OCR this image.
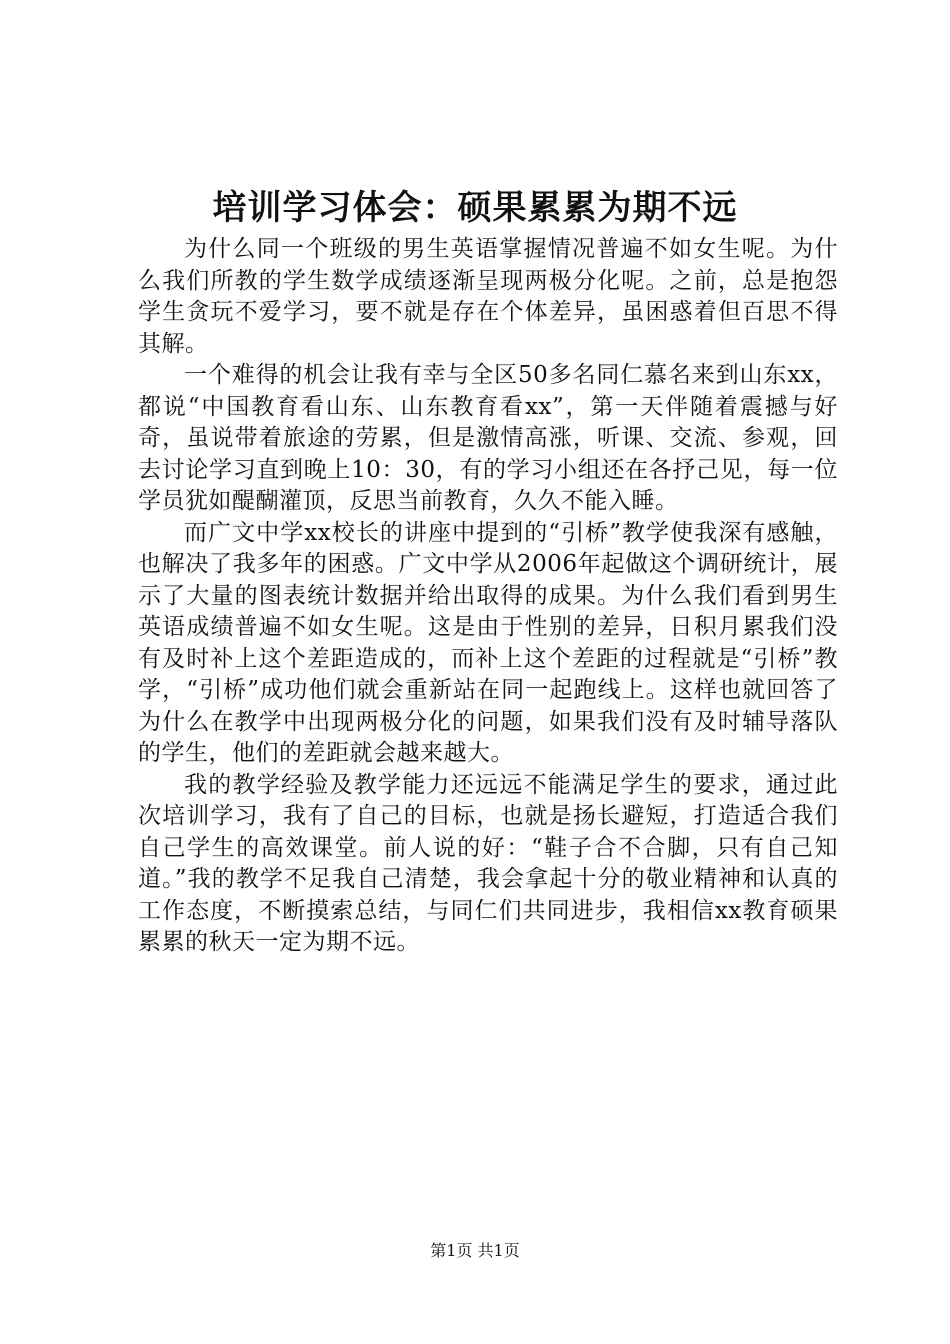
培训学习体会：硕果累累为期不远

为什么同一个班级的男生英语掌握情况普遍不如女生呢。为什么我们所教的学生数学成绩逐渐呈现两极分化呢。之前，总是抱怨学生贪玩不爱学习，要不就是存在个体差异，虽困惑着但百思不得其解。

一个难得的机会让我有幸与全区50多名同仁慕名来到山东xx，都说“中国教育看山东、山东教育看xx”，第一天伴随着震撼与好奇，虽说带着旅途的劳累，但是激情高涨，听课、交流、参观，回去讨论学习直到晚上10：30，有的学习小组还在各抒己见，每一位学员犹如醍醐灌顶，反思当前教育，久久不能入睡。

而广文中学xx校长的讲座中提到的“引桥”教学使我深有感触，也解决了我多年的困惑。广文中学从2006年起做这个调研统计，展示了大量的图表统计数据并给出取得的成果。为什么我们看到男生英语成绩普遍不如女生呢。这是由于性别的差异，日积月累我们没有及时补上这个差距造成的，而补上这个差距的过程就是“引桥”教学，“引桥”成功他们就会重新站在同一起跑线上。这样也就回答了为什么在教学中出现两极分化的问题，如果我们没有及时辅导落队的学生，他们的差距就会越来越大。

我的教学经验及教学能力还远远不能满足学生的要求，通过此次培训学习，我有了自己的目标，也就是扬长避短，打造适合我们自己学生的高效课堂。前人说的好：“鞋子合不合脚，只有自己知道。”我的教学不足我自己清楚，我会拿起十分的敬业精神和认真的工作态度，不断摸索总结，与同仁们共同进步，我相信xx教育硕果累累的秋天一定为期不远。

第1页 共1页
